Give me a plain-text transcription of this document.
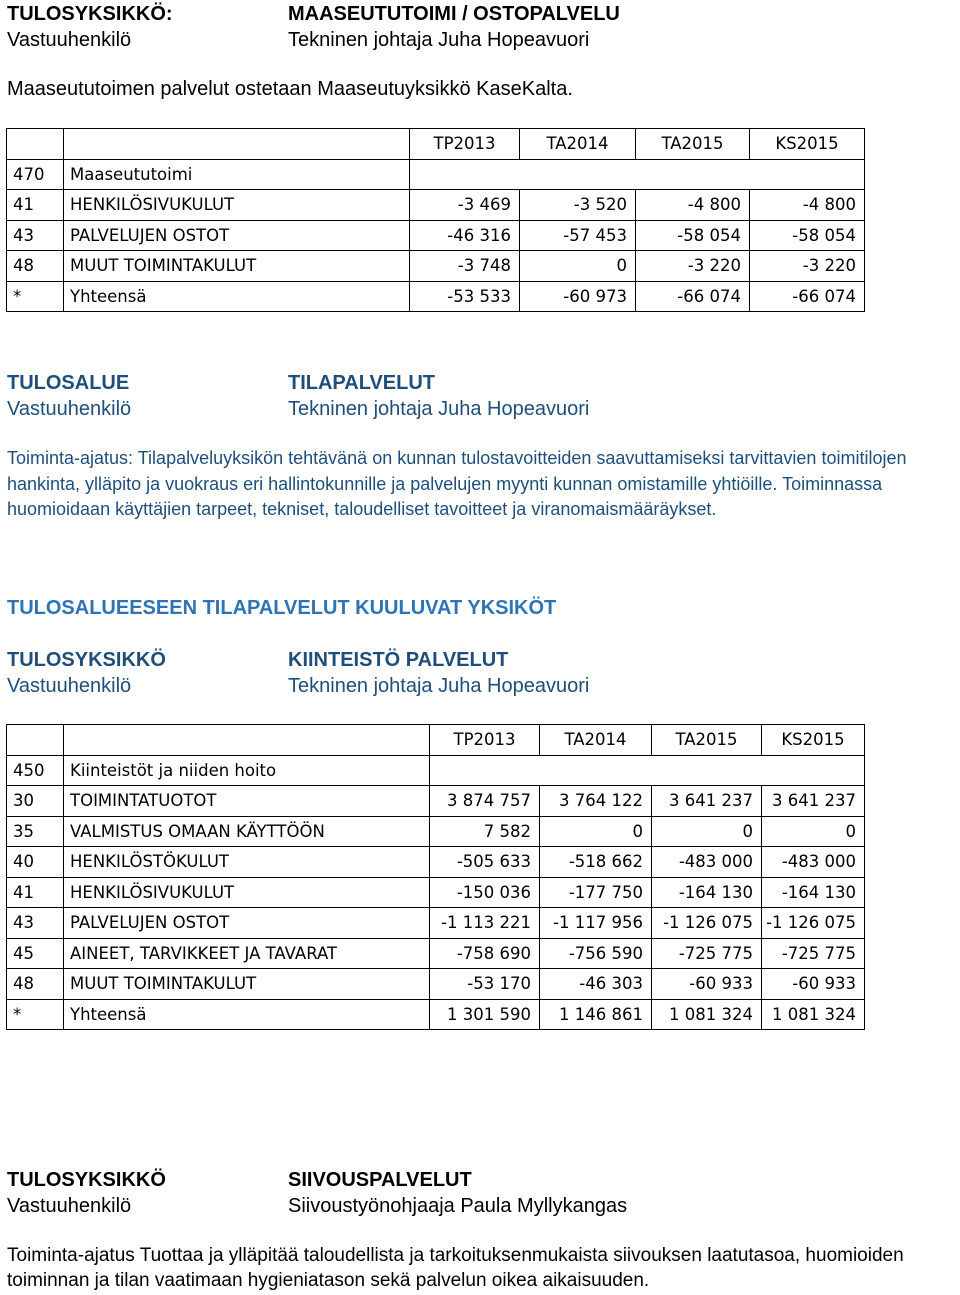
TULOSYKSIKKÖ:	MAASEUTUTOIMI / OSTOPALVELU
Vastuuhenkilö	Tekninen johtaja Juha Hopeavuori
Maaseututoimen palvelut ostetaan Maaseutuyksikkö KaseKalta.
		TP2013	TA2014	TA2015	KS2015
470	Maaseututoimi				
41	HENKILÖSIVUKULUT	-3 469	-3 520	-4 800	-4 800
43	PALVELUJEN OSTOT	-46 316	-57 453	-58 054	-58 054
48	MUUT TOIMINTAKULUT	-3 748	0	-3 220	-3 220
*	Yhteensä	-53 533	-60 973	-66 074	-66 074
TULOSALUE	TILAPALVELUT
Vastuuhenkilö	Tekninen johtaja Juha Hopeavuori
Toiminta-ajatus: Tilapalveluyksikön tehtävänä on kunnan tulostavoitteiden saavuttamiseksi tarvittavien toimitilojen hankinta, ylläpito ja vuokraus eri hallintokunnille ja palvelujen myynti kunnan omistamille yhtiöille. Toiminnassa huomioidaan käyttäjien tarpeet, tekniset, taloudelliset tavoitteet ja viranomaismääräykset.
TULOSALUEESEEN TILAPALVELUT KUULUVAT YKSIKÖT
TULOSYKSIKKÖ	KIINTEISTÖ PALVELUT
Vastuuhenkilö	Tekninen johtaja Juha Hopeavuori
		TP2013	TA2014	TA2015	KS2015
450	Kiinteistöt ja niiden hoito				
30	TOIMINTATUOTOT	3 874 757	3 764 122	3 641 237	3 641 237
35	VALMISTUS OMAAN KÄYTTÖÖN	7 582	0	0	0
40	HENKILÖSTÖKULUT	-505 633	-518 662	-483 000	-483 000
41	HENKILÖSIVUKULUT	-150 036	-177 750	-164 130	-164 130
43	PALVELUJEN OSTOT	-1 113 221	-1 117 956	-1 126 075	-1 126 075
45	AINEET, TARVIKKEET JA TAVARAT	-758 690	-756 590	-725 775	-725 775
48	MUUT TOIMINTAKULUT	-53 170	-46 303	-60 933	-60 933
*	Yhteensä	1 301 590	1 146 861	1 081 324	1 081 324
TULOSYKSIKKÖ	SIIVOUSPALVELUT
Vastuuhenkilö	Siivoustyönohjaaja Paula Myllykangas
Toiminta-ajatus Tuottaa ja ylläpitää taloudellista ja tarkoituksenmukaista siivouksen laatutasoa, huomioiden toiminnan ja tilan vaatimaan hygieniatason sekä palvelun oikea aikaisuuden.
